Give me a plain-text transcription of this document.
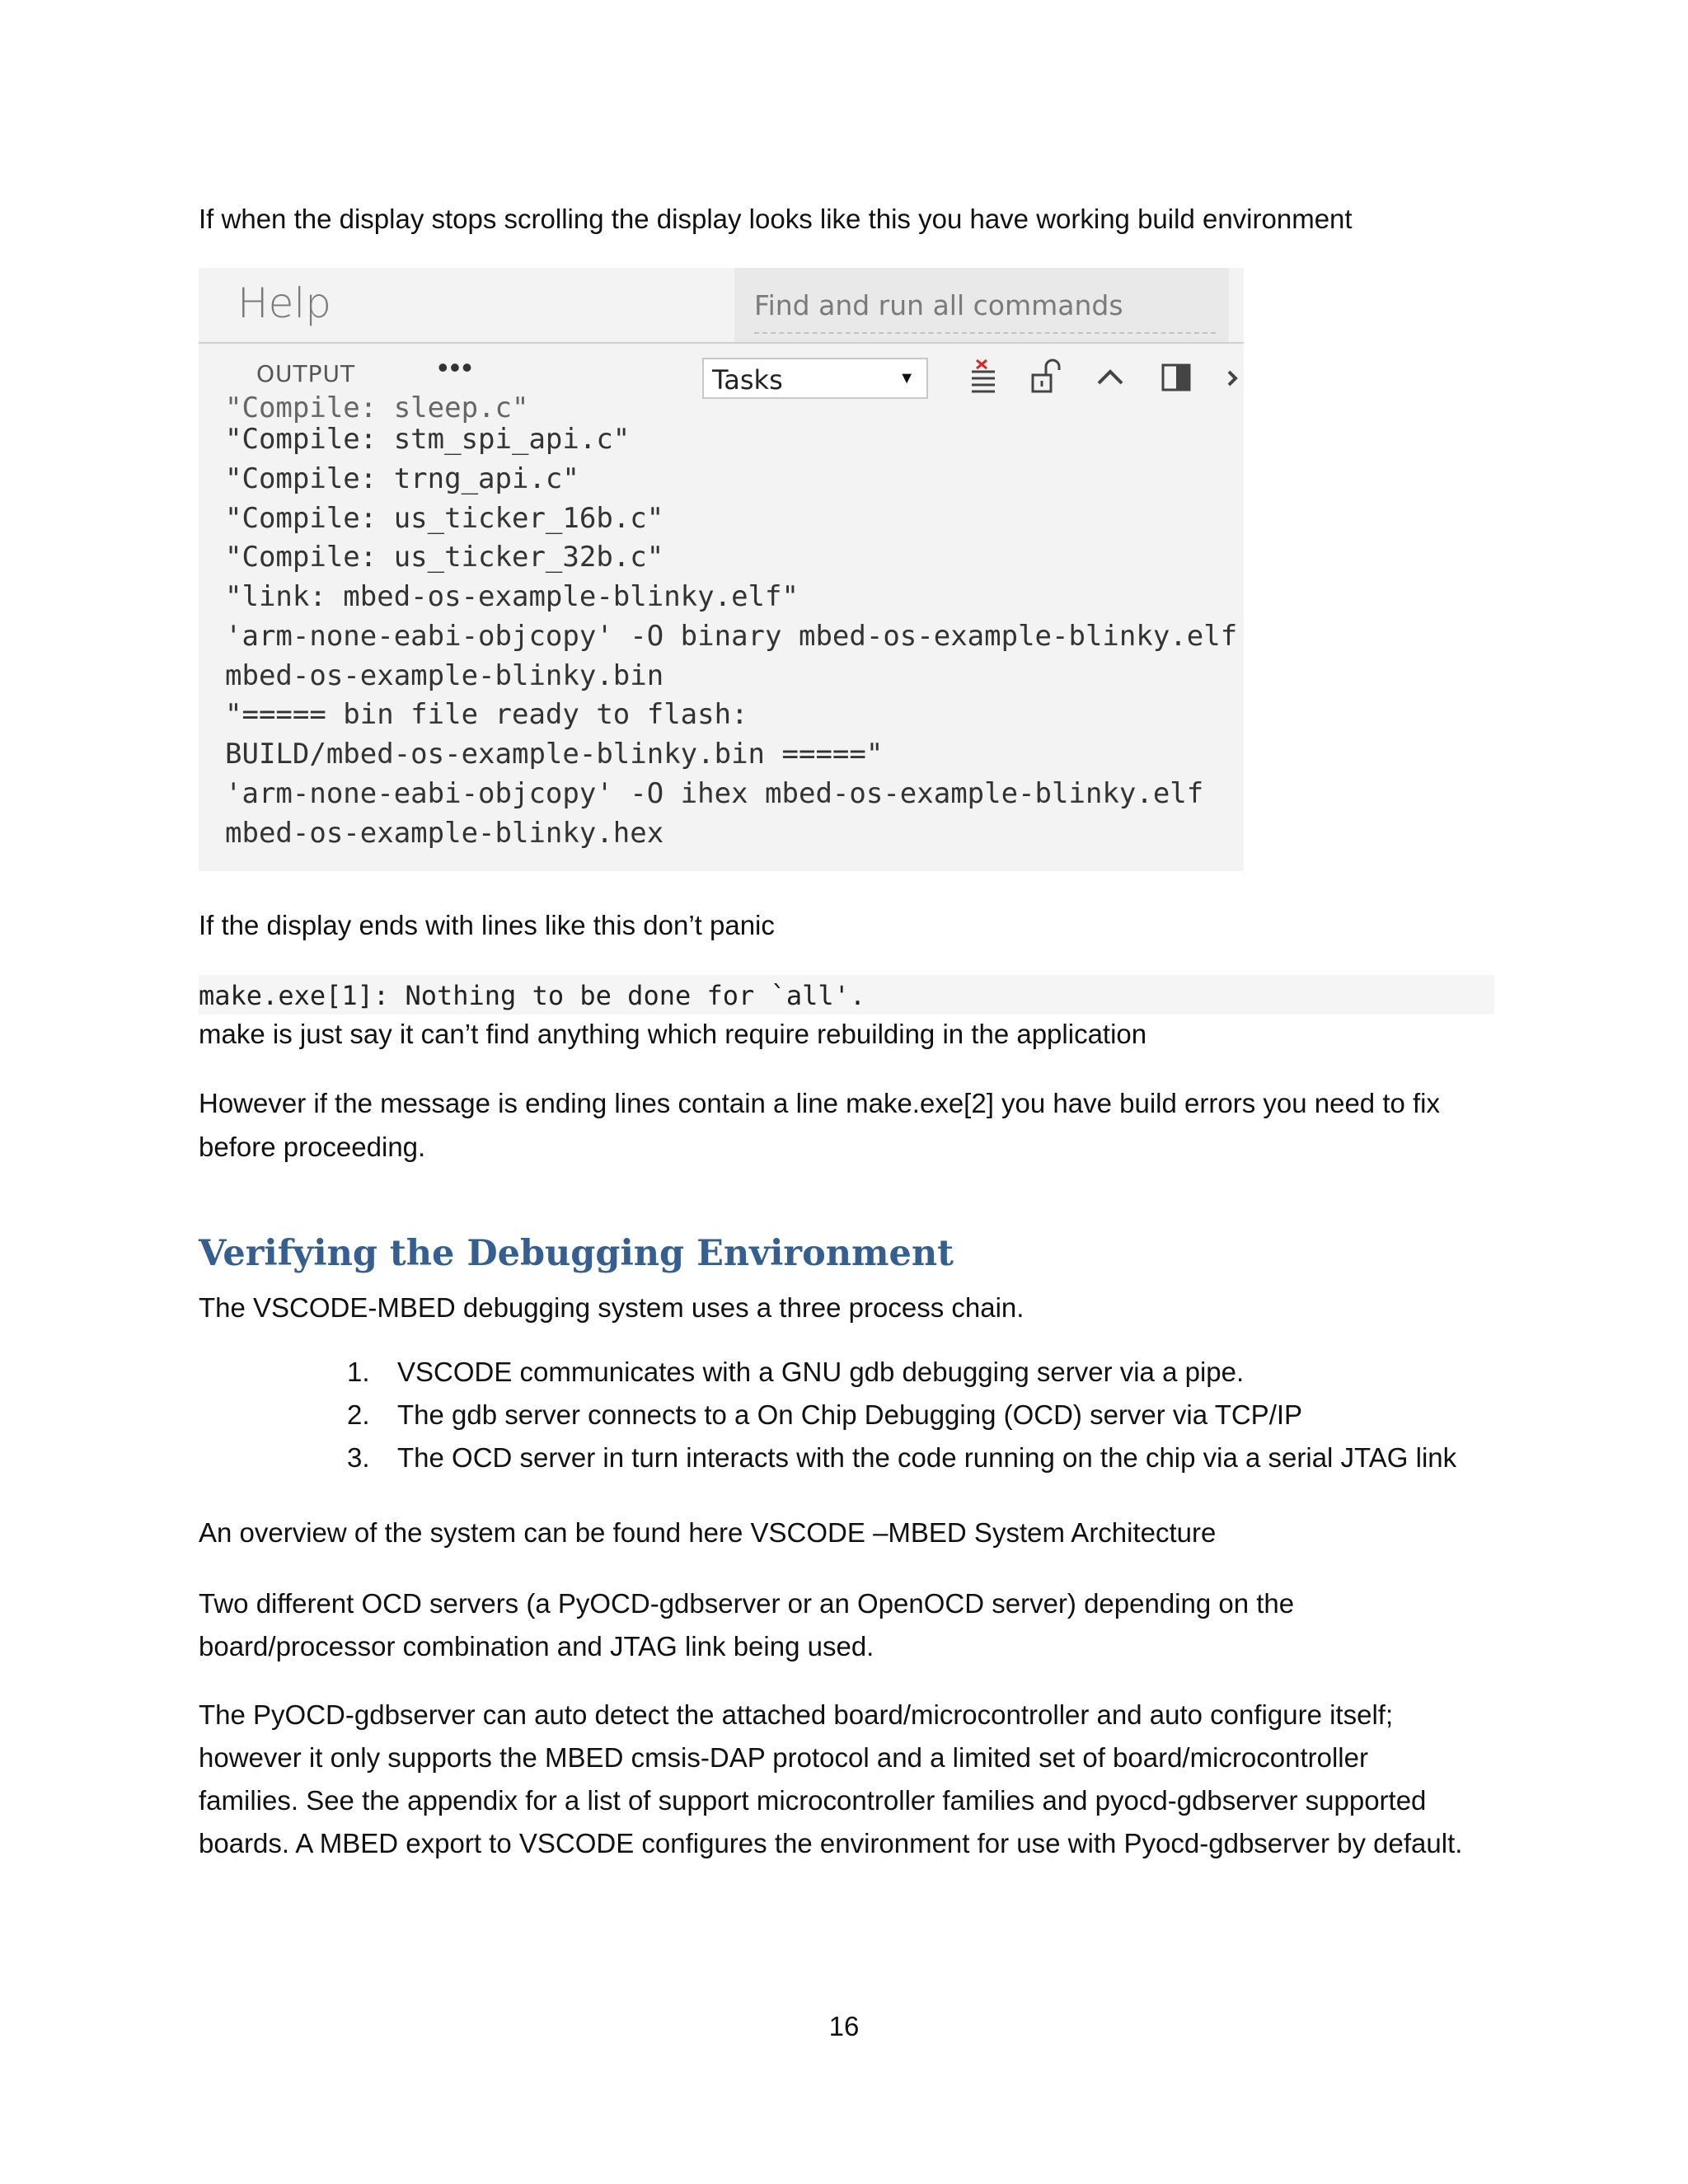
If when the display stops scrolling the display looks like this you have working build environment

Help	Find and run all commands
OUTPUT	•••	Tasks	▼
"Compile: sleep.c"
"Compile: stm_spi_api.c"
"Compile: trng_api.c"
"Compile: us_ticker_16b.c"
"Compile: us_ticker_32b.c"
"link: mbed-os-example-blinky.elf"
'arm-none-eabi-objcopy' -O binary mbed-os-example-blinky.elf
mbed-os-example-blinky.bin
"===== bin file ready to flash:
BUILD/mbed-os-example-blinky.bin ====="
'arm-none-eabi-objcopy' -O ihex mbed-os-example-blinky.elf
mbed-os-example-blinky.hex

If the display ends with lines like this don’t panic

make.exe[1]: Nothing to be done for `all'.

make is just say it can’t find anything which require rebuilding in the application

However if the message is ending lines contain a line make.exe[2] you have build errors you need to fix

before proceeding.

Verifying the Debugging Environment

The VSCODE-MBED debugging system uses a three process chain.

1. VSCODE communicates with a GNU gdb debugging server via a pipe.
2. The gdb server connects to a On Chip Debugging (OCD) server via TCP/IP
3. The OCD server in turn interacts with the code running on the chip via a serial JTAG link

An overview of the system can be found here VSCODE –MBED System Architecture

Two different OCD servers (a PyOCD-gdbserver or an OpenOCD server) depending on the

board/processor combination and JTAG link being used.

The PyOCD-gdbserver can auto detect the attached board/microcontroller and auto configure itself;

however it only supports the MBED cmsis-DAP protocol and a limited set of board/microcontroller

families. See the appendix for a list of support microcontroller families and pyocd-gdbserver supported

boards. A MBED export to VSCODE configures the environment for use with Pyocd-gdbserver by default.

16
